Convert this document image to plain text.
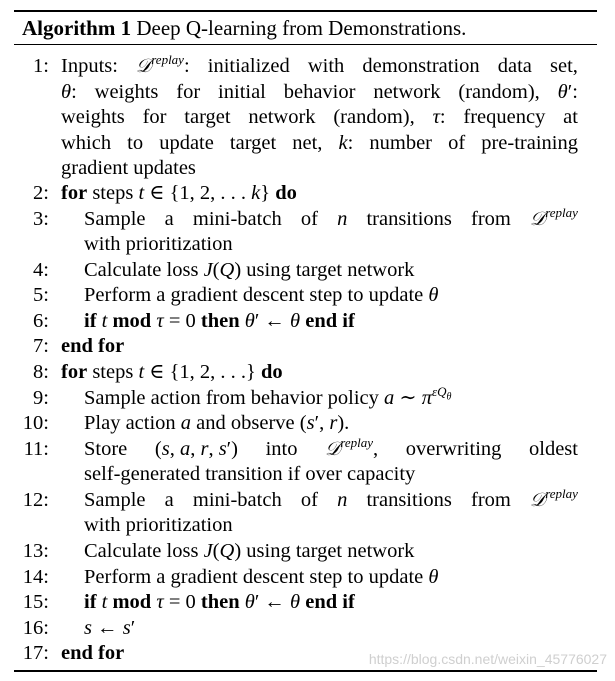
Algorithm 1 Deep Q-learning from Demonstrations.
1: Inputs: 𝒟$^{replay}$: initialized with demonstration data set,
θ: weights for initial behavior network (random), θ′:
weights for target network (random), τ: frequency at
which to update target net, k: number of pre-training
gradient updates
2: for steps t ∈ {1, 2, . . . k} do
3: Sample a mini-batch of n transitions from 𝒟$^{replay}$
with prioritization
4: Calculate loss J(Q) using target network
5: Perform a gradient descent step to update θ
6: if t mod τ = 0 then θ′ ← θ end if
7: end for
8: for steps t ∈ {1, 2, . . .} do
9: Sample action from behavior policy a ∼ $\pi^{\varepsilon Q_\theta}$
10: Play action a and observe (s′, r).
11: Store (s, a, r, s′) into 𝒟$^{replay}$, overwriting oldest
self-generated transition if over capacity
12: Sample a mini-batch of n transitions from 𝒟$^{replay}$
with prioritization
13: Calculate loss J(Q) using target network
14: Perform a gradient descent step to update θ
15: if t mod τ = 0 then θ′ ← θ end if
16: s ← s′
17: end for	https://blog.csdn.net/weixin_45776027
